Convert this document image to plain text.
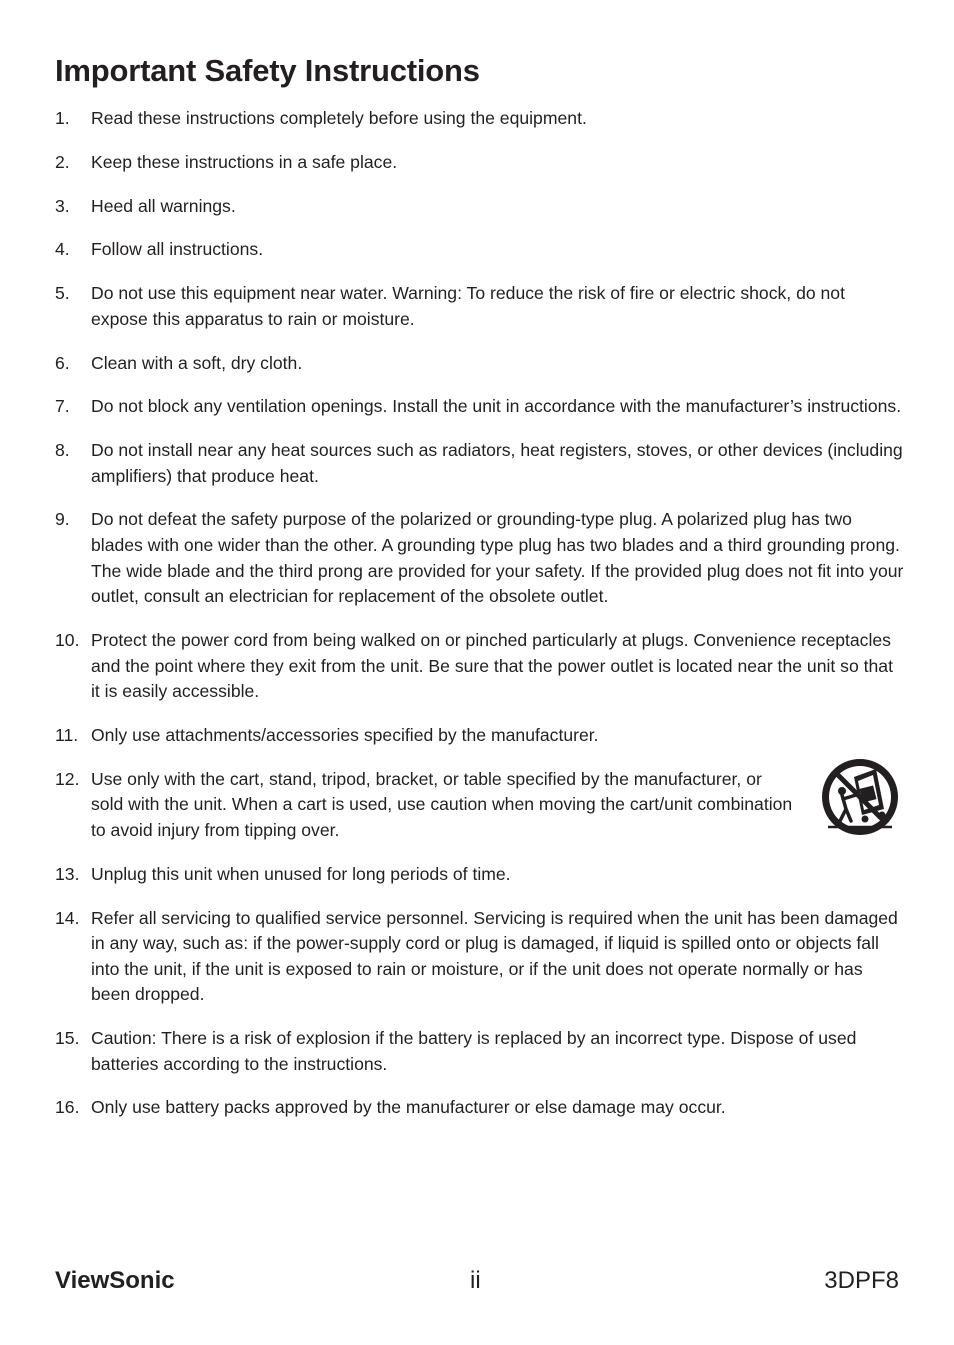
Important Safety Instructions
1. Read these instructions completely before using the equipment.
2. Keep these instructions in a safe place.
3. Heed all warnings.
4. Follow all instructions.
5. Do not use this equipment near water. Warning: To reduce the risk of fire or electric shock, do not expose this apparatus to rain or moisture.
6. Clean with a soft, dry cloth.
7. Do not block any ventilation openings. Install the unit in accordance with the manufacturer’s instructions.
8. Do not install near any heat sources such as radiators, heat registers, stoves, or other devices (including amplifiers) that produce heat.
9. Do not defeat the safety purpose of the polarized or grounding-type plug. A polarized plug has two blades with one wider than the other. A grounding type plug has two blades and a third grounding prong. The wide blade and the third prong are provided for your safety. If the provided plug does not fit into your outlet, consult an electrician for replacement of the obsolete outlet.
10. Protect the power cord from being walked on or pinched particularly at plugs. Convenience receptacles and the point where they exit from the unit. Be sure that the power outlet is located near the unit so that it is easily accessible.
11. Only use attachments/accessories specified by the manufacturer.
12. Use only with the cart, stand, tripod, bracket, or table specified by the manufacturer, or sold with the unit. When a cart is used, use caution when moving the cart/unit combination to avoid injury from tipping over.
13. Unplug this unit when unused for long periods of time.
14. Refer all servicing to qualified service personnel. Servicing is required when the unit has been damaged in any way, such as: if the power-supply cord or plug is damaged, if liquid is spilled onto or objects fall into the unit, if the unit is exposed to rain or moisture, or if the unit does not operate normally or has been dropped.
15. Caution: There is a risk of explosion if the battery is replaced by an incorrect type. Dispose of used batteries according to the instructions.
16. Only use battery packs approved by the manufacturer or else damage may occur.
ViewSonic	ii	3DPF8
